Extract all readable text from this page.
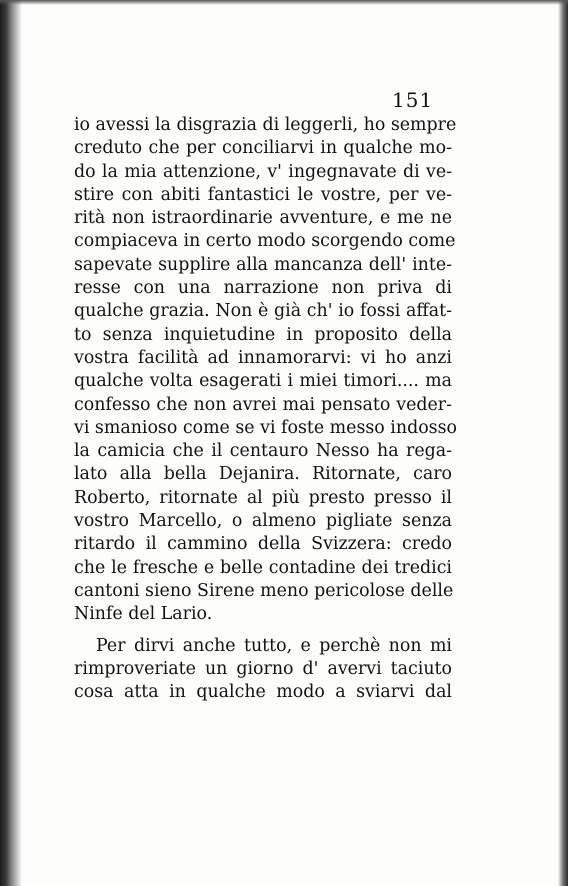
151
io avessi la disgrazia di leggerli, ho sempre
creduto che per conciliarvi in qualche mo-
do la mia attenzione, v' ingegnavate di ve-
stire con abiti fantastici le vostre, per ve-
rità non istraordinarie avventure, e me ne
compiaceva in certo modo scorgendo come
sapevate supplire alla mancanza dell' inte-
resse con una narrazione non priva di
qualche grazia. Non è già ch' io fossi affat-
to senza inquietudine in proposito della
vostra facilità ad innamorarvi: vi ho anzi
qualche volta esagerati i miei timori.... ma
confesso che non avrei mai pensato veder-
vi smanioso come se vi foste messo indosso
la camicia che il centauro Nesso ha rega-
lato alla bella Dejanira. Ritornate, caro
Roberto, ritornate al più presto presso il
vostro Marcello, o almeno pigliate senza
ritardo il cammino della Svizzera: credo
che le fresche e belle contadine dei tredici
cantoni sieno Sirene meno pericolose delle
Ninfe del Lario.
Per dirvi anche tutto, e perchè non mi
rimproveriate un giorno d' avervi taciuto
cosa atta in qualche modo a sviarvi dal
